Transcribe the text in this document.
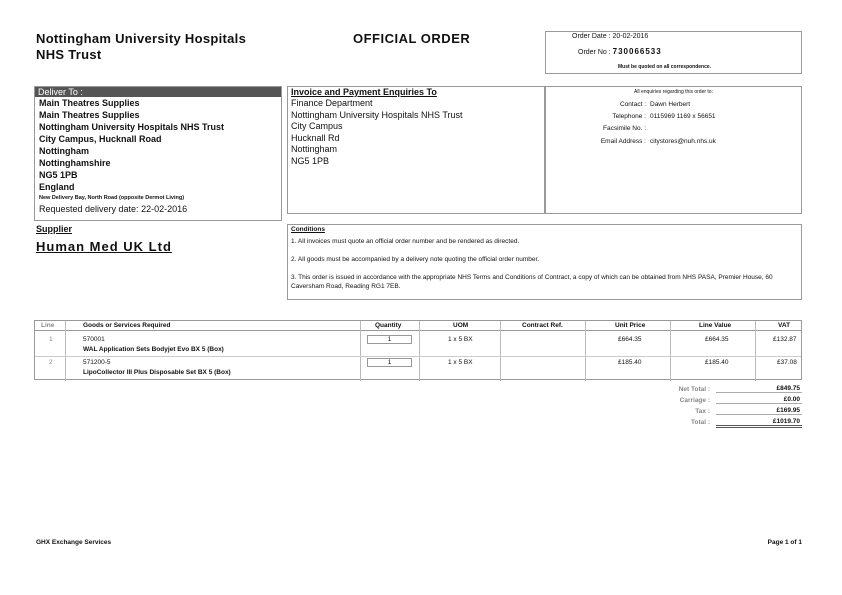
Nottingham University Hospitals
NHS Trust
OFFICIAL ORDER	Order Date : 20-02-2016
Order No : 730066533
Must be quoted on all correspondence.
Deliver To :
Main Theatres Supplies
Main Theatres Supplies
Nottingham University Hospitals NHS Trust
City Campus, Hucknall Road
Nottingham
Nottinghamshire
NG5 1PB
England
New Delivery Bay, North Road (opposite Dermot Living)
Requested delivery date: 22-02-2016
Invoice and Payment Enquiries To
Finance Department
Nottingham University Hospitals NHS Trust
City Campus
Hucknall Rd
Nottingham
NG5 1PB
All enquiries regarding this order to:
Contact : Dawn Herbert
Telephone : 0115969 1169 x 56651
Facsimile No. :
Email Address : citystores@nuh.nhs.uk
Supplier
Human Med UK Ltd
Conditions
1. All invoices must quote an official order number and be rendered as directed.
2. All goods must be accompanied by a delivery note quoting the official order number.
3. This order is issued in accordance with the appropriate NHS Terms and Conditions of Contract, a copy of which can be obtained from NHS PASA, Premier House, 60 Caversham Road, Reading RG1 7EB.
Line	Goods or Services Required	Quantity	UOM	Contract Ref.	Unit Price	Line Value	VAT
1	570001
WAL Application Sets Bodyjet Evo BX 5 (Box)
1	1 x 5 BX	£664.35	£664.35	£132.87
2	571200-5
LipoCollector III Plus Disposable Set BX 5 (Box)
1	1 x 5 BX	£185.40	£185.40	£37.08
Net Total :	£849.75
Carriage :	£0.00
Tax :	£169.95
Total :	£1019.70
GHX Exchange Services	Page 1 of 1
